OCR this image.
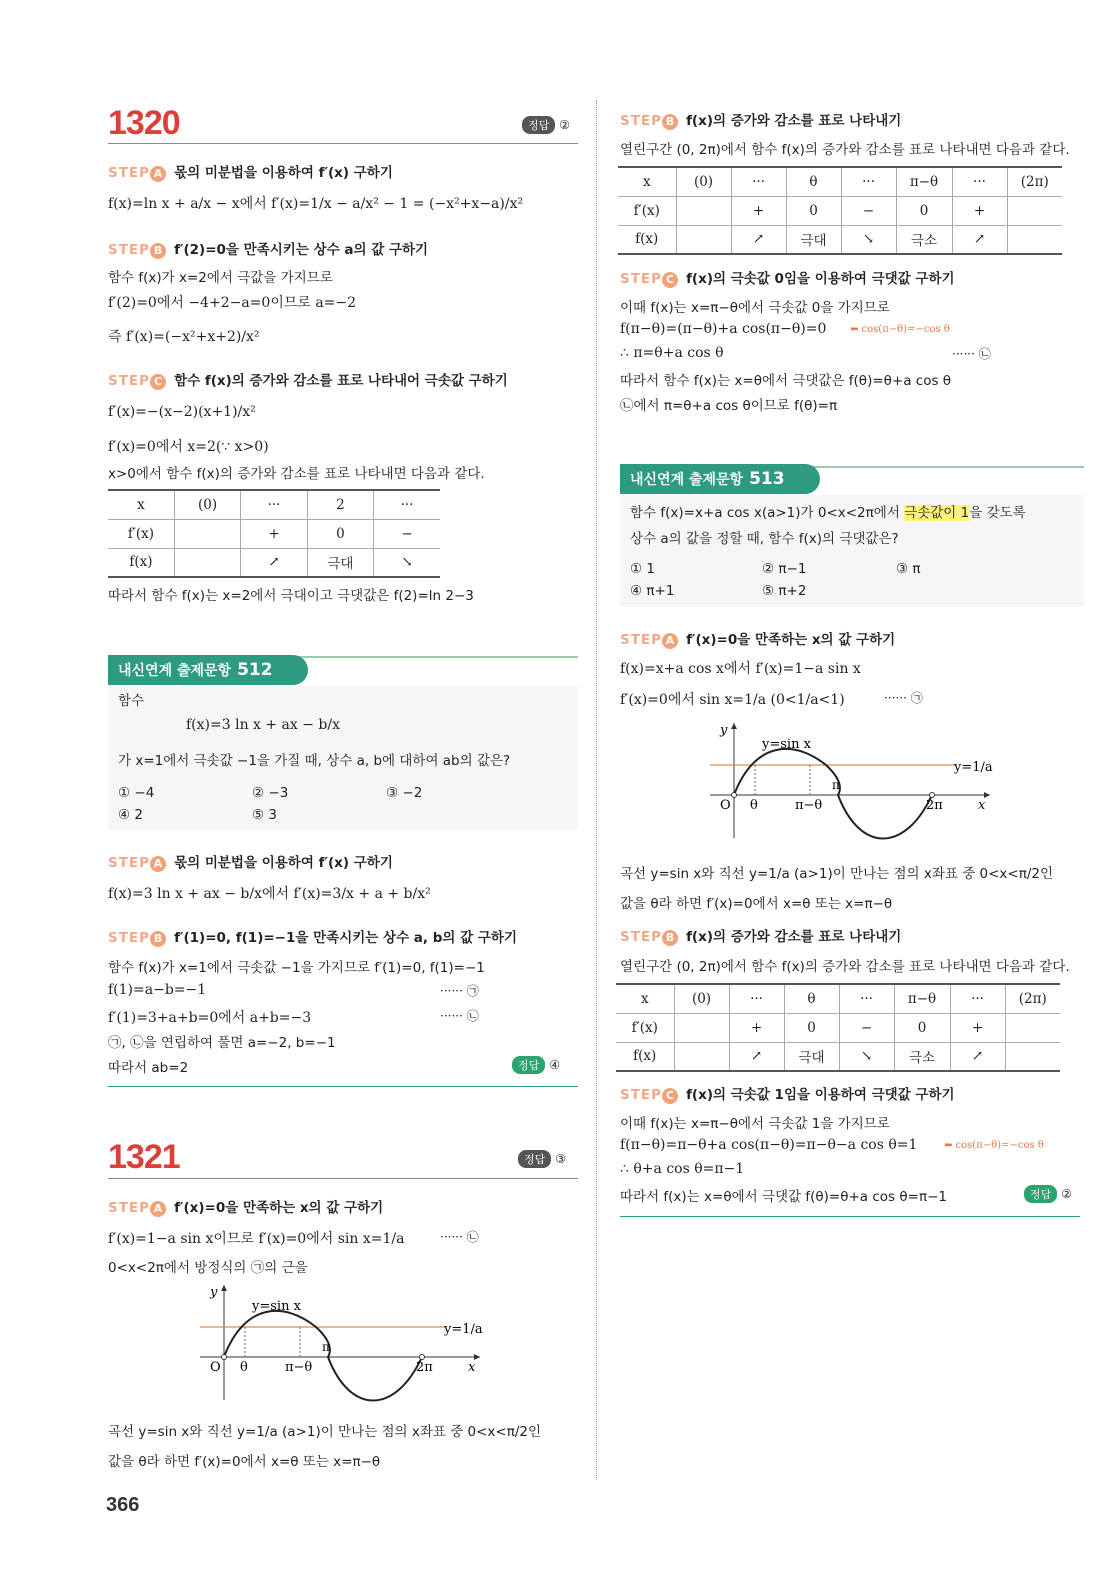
1320	정답 ②
STEP A 몫의 미분법을 이용하여 f′(x) 구하기
f(x)=ln x + a/x − x에서 f′(x)=1/x − a/x² − 1 = (−x²+x−a)/x²
STEP B f′(2)=0을 만족시키는 상수 a의 값 구하기
함수 f(x)가 x=2에서 극값을 가지므로
f′(2)=0에서 −4+2−a=0이므로 a=−2
즉 f′(x)=(−x²+x+2)/x²
STEP C 함수 f(x)의 증가와 감소를 표로 나타내어 극솟값 구하기
f′(x)=−(x−2)(x+1)/x²
f′(x)=0에서 x=2(∵ x>0)
x>0에서 함수 f(x)의 증가와 감소를 표로 나타내면 다음과 같다.
x	(0)	···	2	···
f′(x)		+	0	−
f(x)		↗	극대	↘
따라서 함수 f(x)는 x=2에서 극대이고 극댓값은 f(2)=ln 2−3
내신연계 출제문항 512
함수
f(x)=3 ln x + ax − b/x
가 x=1에서 극솟값 −1을 가질 때, 상수 a, b에 대하여 ab의 값은?
① −4	② −3	③ −2
④ 2	⑤ 3
STEP A 몫의 미분법을 이용하여 f′(x) 구하기
f(x)=3 ln x + ax − b/x에서 f′(x)=3/x + a + b/x²
STEP B f′(1)=0, f(1)=−1을 만족시키는 상수 a, b의 값 구하기
함수 f(x)가 x=1에서 극솟값 −1을 가지므로 f′(1)=0, f(1)=−1
f(1)=a−b=−1	······ ㉠
f′(1)=3+a+b=0에서 a+b=−3	······ ㉡
㉠, ㉡을 연립하여 풀면 a=−2, b=−1
따라서 ab=2	정답 ④
1321	정답 ③
STEP A f′(x)=0을 만족하는 x의 값 구하기
f′(x)=1−a sin x이므로 f′(x)=0에서 sin x=1/a	······ ㉡
0<x<2π에서 방정식의 ㉠의 근을
y
y=sin x
y=1/a
O θ	π−θ
π
2π	x
곡선 y=sin x와 직선 y=1/a (a>1)이 만나는 점의 x좌표 중 0<x<π/2인
값을 θ라 하면 f′(x)=0에서 x=θ 또는 x=π−θ
366
STEP B f(x)의 증가와 감소를 표로 나타내기
열린구간 (0, 2π)에서 함수 f(x)의 증가와 감소를 표로 나타내면 다음과 같다.
x	(0)	···	θ	···	π−θ	···	(2π)
f′(x)		+	0	−	0	+	
f(x)		↗	극대	↘	극소	↗	
STEP C f(x)의 극솟값 0임을 이용하여 극댓값 구하기
이때 f(x)는 x=π−θ에서 극솟값 0을 가지므로
f(π−θ)=(π−θ)+a cos(π−θ)=0 ⬅ cos(π−θ)=−cos θ
∴ π=θ+a cos θ	······ ㉡
따라서 함수 f(x)는 x=θ에서 극댓값은 f(θ)=θ+a cos θ
㉡에서 π=θ+a cos θ이므로 f(θ)=π
내신연계 출제문항 513
함수 f(x)=x+a cos x(a>1)가 0<x<2π에서 극솟값이 1을 갖도록
상수 a의 값을 정할 때, 함수 f(x)의 극댓값은?
① 1	② π−1	③ π
④ π+1	⑤ π+2
STEP A f′(x)=0을 만족하는 x의 값 구하기
f(x)=x+a cos x에서 f′(x)=1−a sin x
f′(x)=0에서 sin x=1/a (0<1/a<1)	······ ㉠
y
y=sin x
y=1/a
O θ	π−θ
π
2π	x
곡선 y=sin x와 직선 y=1/a (a>1)이 만나는 점의 x좌표 중 0<x<π/2인
값을 θ라 하면 f′(x)=0에서 x=θ 또는 x=π−θ
STEP B f(x)의 증가와 감소를 표로 나타내기
열린구간 (0, 2π)에서 함수 f(x)의 증가와 감소를 표로 나타내면 다음과 같다.
x	(0)	···	θ	···	π−θ	···	(2π)
f′(x)		+	0	−	0	+	
f(x)		↗	극대	↘	극소	↗	
STEP C f(x)의 극솟값 1임을 이용하여 극댓값 구하기
이때 f(x)는 x=π−θ에서 극솟값 1을 가지므로
f(π−θ)=π−θ+a cos(π−θ)=π−θ−a cos θ=1	⬅ cos(π−θ)=−cos θ
∴ θ+a cos θ=π−1
따라서 f(x)는 x=θ에서 극댓값 f(θ)=θ+a cos θ=π−1	정답 ②
